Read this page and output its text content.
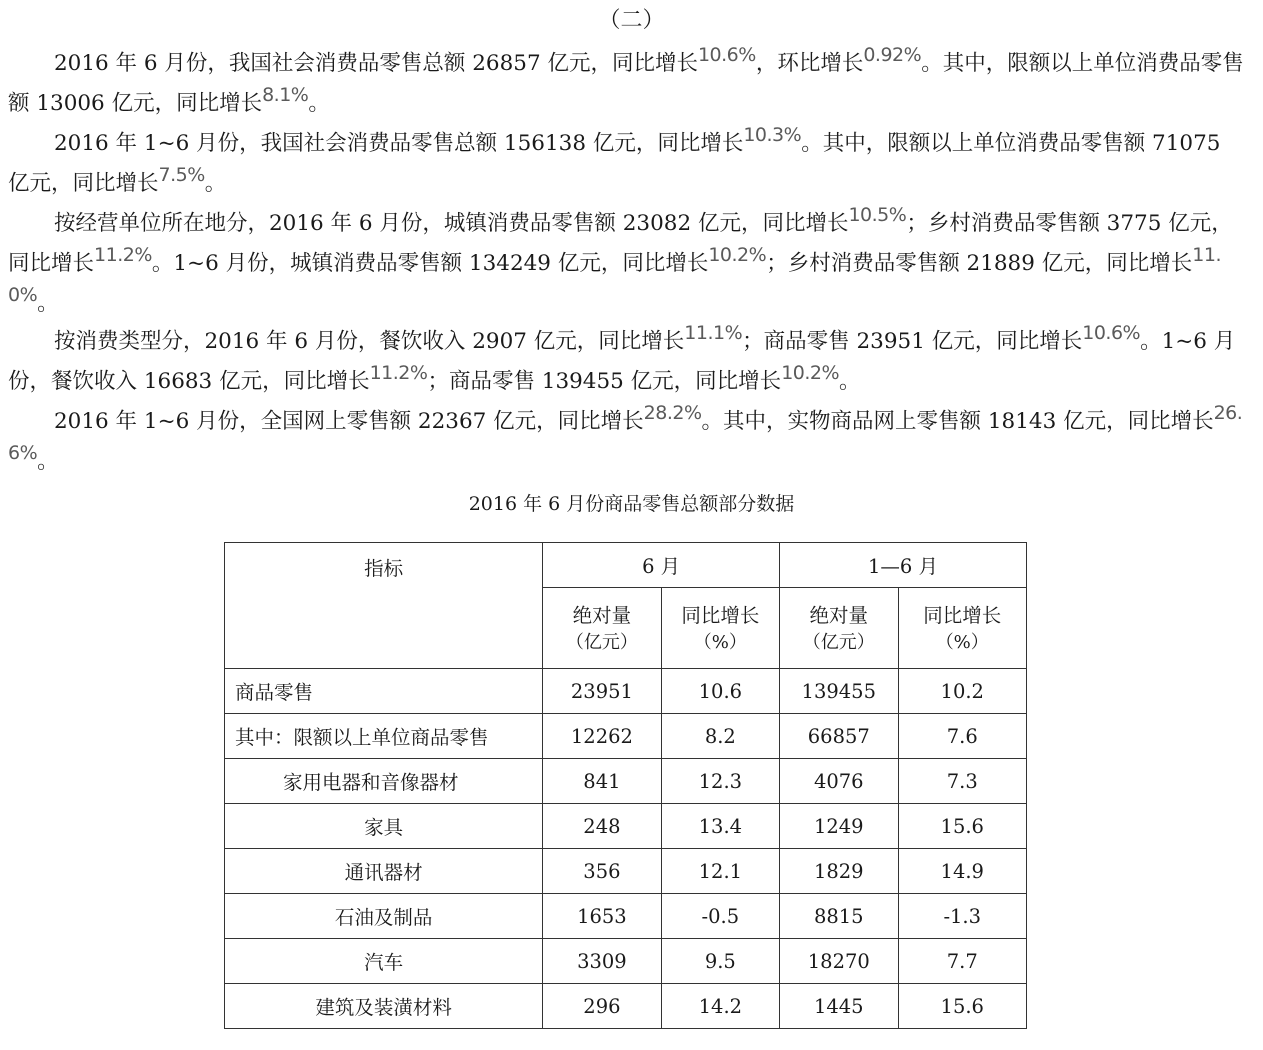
（二）
2016 年 6 月份，我国社会消费品零售总额 26857 亿元，同比增长10.6%，环比增长0.92%。其中，限额以上单位消费品零售额 13006 亿元，同比增长8.1%。
2016 年 1~6 月份，我国社会消费品零售总额 156138 亿元，同比增长10.3%。其中，限额以上单位消费品零售额 71075 亿元，同比增长7.5%。
按经营单位所在地分，2016 年 6 月份，城镇消费品零售额 23082 亿元，同比增长10.5%；乡村消费品零售额 3775 亿元，同比增长11.2%。1~6 月份，城镇消费品零售额 134249 亿元，同比增长10.2%；乡村消费品零售额 21889 亿元，同比增长11.0%。
按消费类型分，2016 年 6 月份，餐饮收入 2907 亿元，同比增长11.1%；商品零售 23951 亿元，同比增长10.6%。1~6 月份，餐饮收入 16683 亿元，同比增长11.2%；商品零售 139455 亿元，同比增长10.2%。
2016 年 1~6 月份，全国网上零售额 22367 亿元，同比增长28.2%。其中，实物商品网上零售额 18143 亿元，同比增长26.6%。
2016 年 6 月份商品零售总额部分数据
指标	6 月		1—6 月	
	绝对量	同比增长	绝对量	同比增长
	（亿元）	（%）	（亿元）	（%）
商品零售	23951	10.6	139455	10.2
其中：限额以上单位商品零售	12262	8.2	66857	7.6
家用电器和音像器材	841	12.3	4076	7.3
家具	248	13.4	1249	15.6
通讯器材	356	12.1	1829	14.9
石油及制品	1653	-0.5	8815	-1.3
汽车	3309	9.5	18270	7.7
建筑及装潢材料	296	14.2	1445	15.6
